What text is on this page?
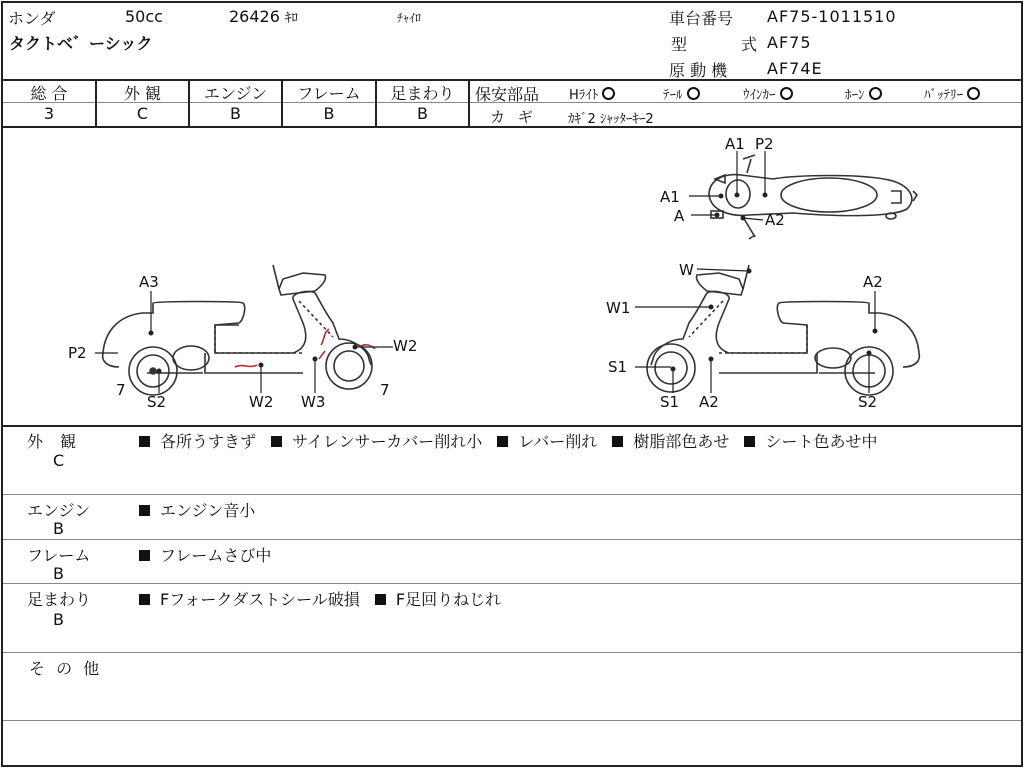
ホンダ	50cc	26426 ｷﾛ	ﾁｬｲﾛ
タクトベ゛ーシック
車台番号 AF75-1011510
型	式 AF75
原 動 機 AF74E
総 合	外 観	エンジン	フレーム	足まわり
3	C	B	B	B
保安部品 Hﾗｲﾄ	ﾃｰﾙ	ｳｲﾝｶｰ	ﾎｰﾝ	ﾊﾞｯﾃﾘｰ
カ ギ ｶｷﾞ2 ｼｬｯﾀｰｷｰ2
A3
P2
7
S2	W2 W3
7
W2
A1 P2
A1
A	A2
W
W1
A2
S1
S1 A2	S2
外 観
C
各所うすきず サイレンサーカバー削れ小 レバー削れ 樹脂部色あせ シート色あせ中
エンジン
B
エンジン音小
フレーム
B
フレームさび中
足まわり
B
Fフォークダストシール破損 F足回りねじれ
そ の 他
